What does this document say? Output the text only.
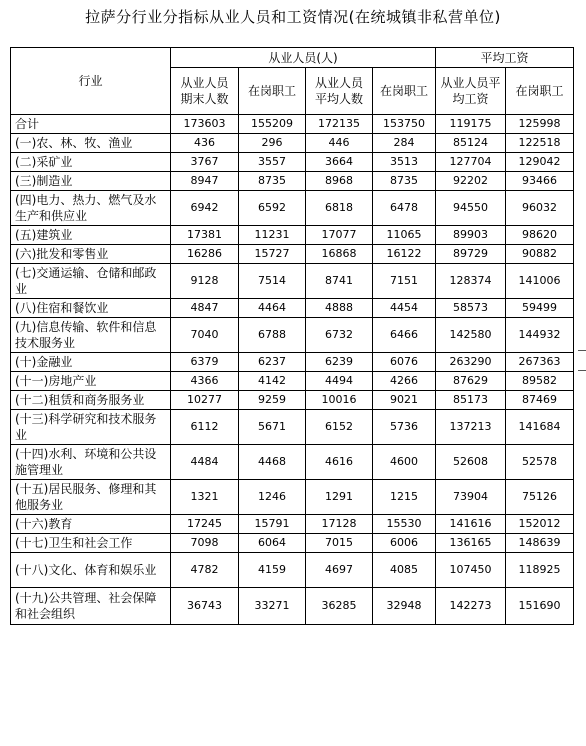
拉萨分行业分指标从业人员和工资情况(在统城镇非私营单位)
行业	从业人员(人)				平均工资	
	从业人员期末人数	在岗职工	从业人员平均人数	在岗职工	从业人员平均工资	在岗职工
合计	173603	155209	172135	153750	119175	125998
(一)农、林、牧、渔业	436	296	446	284	85124	122518
(二)采矿业	3767	3557	3664	3513	127704	129042
(三)制造业	8947	8735	8968	8735	92202	93466
(四)电力、热力、燃气及水生产和供应业	6942	6592	6818	6478	94550	96032
(五)建筑业	17381	11231	17077	11065	89903	98620
(六)批发和零售业	16286	15727	16868	16122	89729	90882
(七)交通运输、仓储和邮政业	9128	7514	8741	7151	128374	141006
(八)住宿和餐饮业	4847	4464	4888	4454	58573	59499
(九)信息传输、软件和信息技术服务业	7040	6788	6732	6466	142580	144932
(十)金融业	6379	6237	6239	6076	263290	267363
(十一)房地产业	4366	4142	4494	4266	87629	89582
(十二)租赁和商务服务业	10277	9259	10016	9021	85173	87469
(十三)科学研究和技术服务业	6112	5671	6152	5736	137213	141684
(十四)水利、环境和公共设施管理业	4484	4468	4616	4600	52608	52578
(十五)居民服务、修理和其他服务业	1321	1246	1291	1215	73904	75126
(十六)教育	17245	15791	17128	15530	141616	152012
(十七)卫生和社会工作	7098	6064	7015	6006	136165	148639
(十八)文化、体育和娱乐业	4782	4159	4697	4085	107450	118925
(十九)公共管理、社会保障和社会组织	36743	33271	36285	32948	142273	151690
